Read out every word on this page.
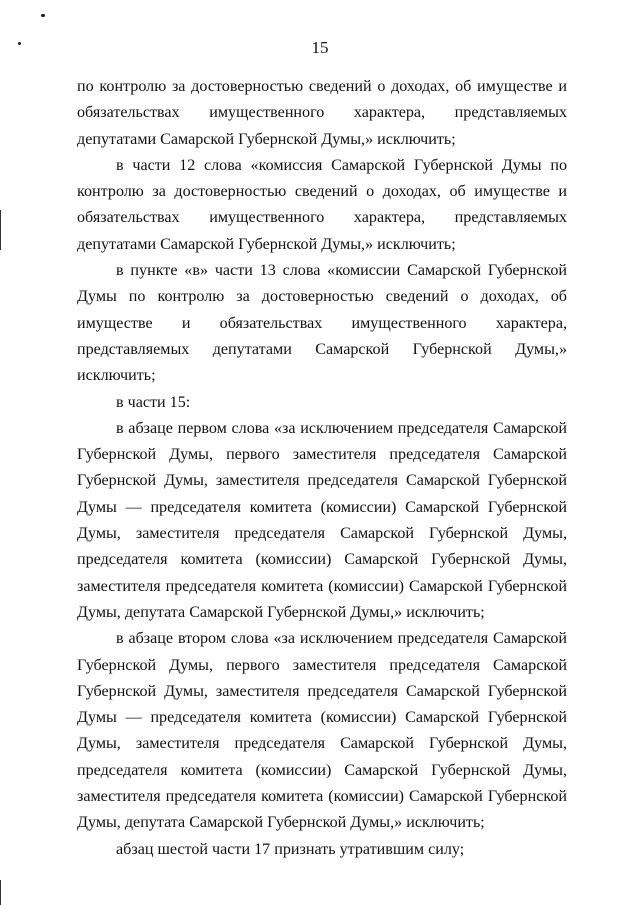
15

по контролю за достоверностью сведений о доходах, об имуществе и обязательствах имущественного характера, представляемых депутатами Самарской Губернской Думы,» исключить;

в части 12 слова «комиссия Самарской Губернской Думы по контролю за достоверностью сведений о доходах, об имуществе и обязательствах имущественного характера, представляемых депутатами Самарской Губернской Думы,» исключить;

в пункте «в» части 13 слова «комиссии Самарской Губернской Думы по контролю за достоверностью сведений о доходах, об имуществе и обязательствах имущественного характера, представляемых депутатами Самарской Губернской Думы,» исключить;

в части 15:

в абзаце первом слова «за исключением председателя Самарской Губернской Думы, первого заместителя председателя Самарской Губернской Думы, заместителя председателя Самарской Губернской Думы — председателя комитета (комиссии) Самарской Губернской Думы, заместителя председателя Самарской Губернской Думы, председателя комитета (комиссии) Самарской Губернской Думы, заместителя председателя комитета (комиссии) Самарской Губернской Думы, депутата Самарской Губернской Думы,» исключить;

в абзаце втором слова «за исключением председателя Самарской Губернской Думы, первого заместителя председателя Самарской Губернской Думы, заместителя председателя Самарской Губернской Думы — председателя комитета (комиссии) Самарской Губернской Думы, заместителя председателя Самарской Губернской Думы, председателя комитета (комиссии) Самарской Губернской Думы, заместителя председателя комитета (комиссии) Самарской Губернской Думы, депутата Самарской Губернской Думы,» исключить;

абзац шестой части 17 признать утратившим силу;
